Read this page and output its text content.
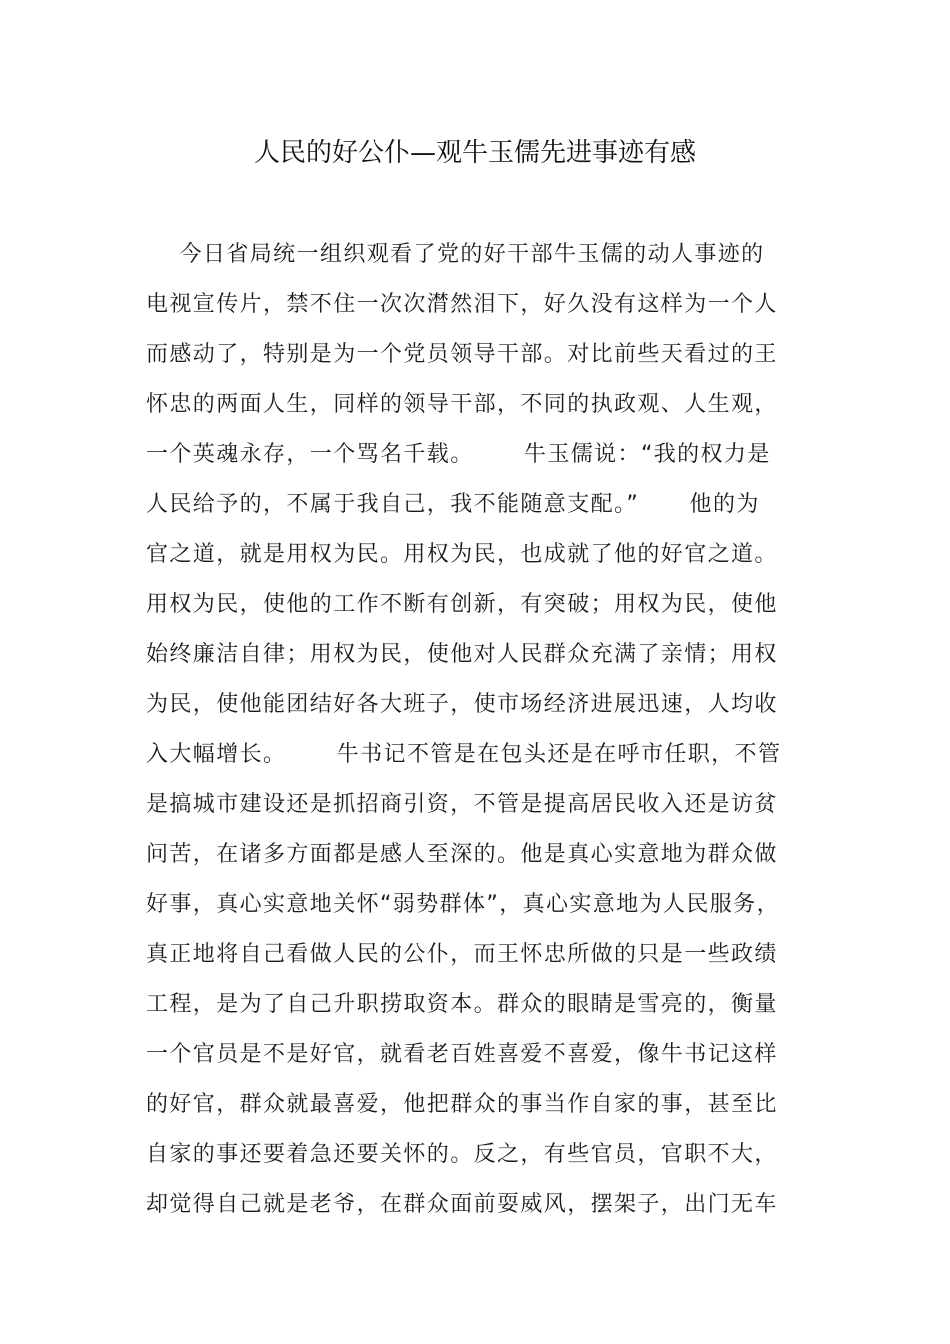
人民的好公仆—观牛玉儒先进事迹有感
今日省局统一组织观看了党的好干部牛玉儒的动人事迹的
电视宣传片，禁不住一次次潸然泪下，好久没有这样为一个人
而感动了，特别是为一个党员领导干部。对比前些天看过的王
怀忠的两面人生，同样的领导干部，不同的执政观、人生观，
一个英魂永存，一个骂名千载。      牛玉儒说：“我的权力是
人民给予的，不属于我自己，我不能随意支配。”      他的为
官之道，就是用权为民。用权为民，也成就了他的好官之道。
用权为民，使他的工作不断有创新，有突破；用权为民，使他
始终廉洁自律；用权为民，使他对人民群众充满了亲情；用权
为民，使他能团结好各大班子，使市场经济进展迅速，人均收
入大幅增长。      牛书记不管是在包头还是在呼市任职，不管
是搞城市建设还是抓招商引资，不管是提高居民收入还是访贫
问苦，在诸多方面都是感人至深的。他是真心实意地为群众做
好事，真心实意地关怀“弱势群体”，真心实意地为人民服务，
真正地将自己看做人民的公仆，而王怀忠所做的只是一些政绩
工程，是为了自己升职捞取资本。群众的眼睛是雪亮的，衡量
一个官员是不是好官，就看老百姓喜爱不喜爱，像牛书记这样
的好官，群众就最喜爱，他把群众的事当作自家的事，甚至比
自家的事还要着急还要关怀的。反之，有些官员，官职不大，
却觉得自己就是老爷，在群众面前耍威风，摆架子，出门无车
